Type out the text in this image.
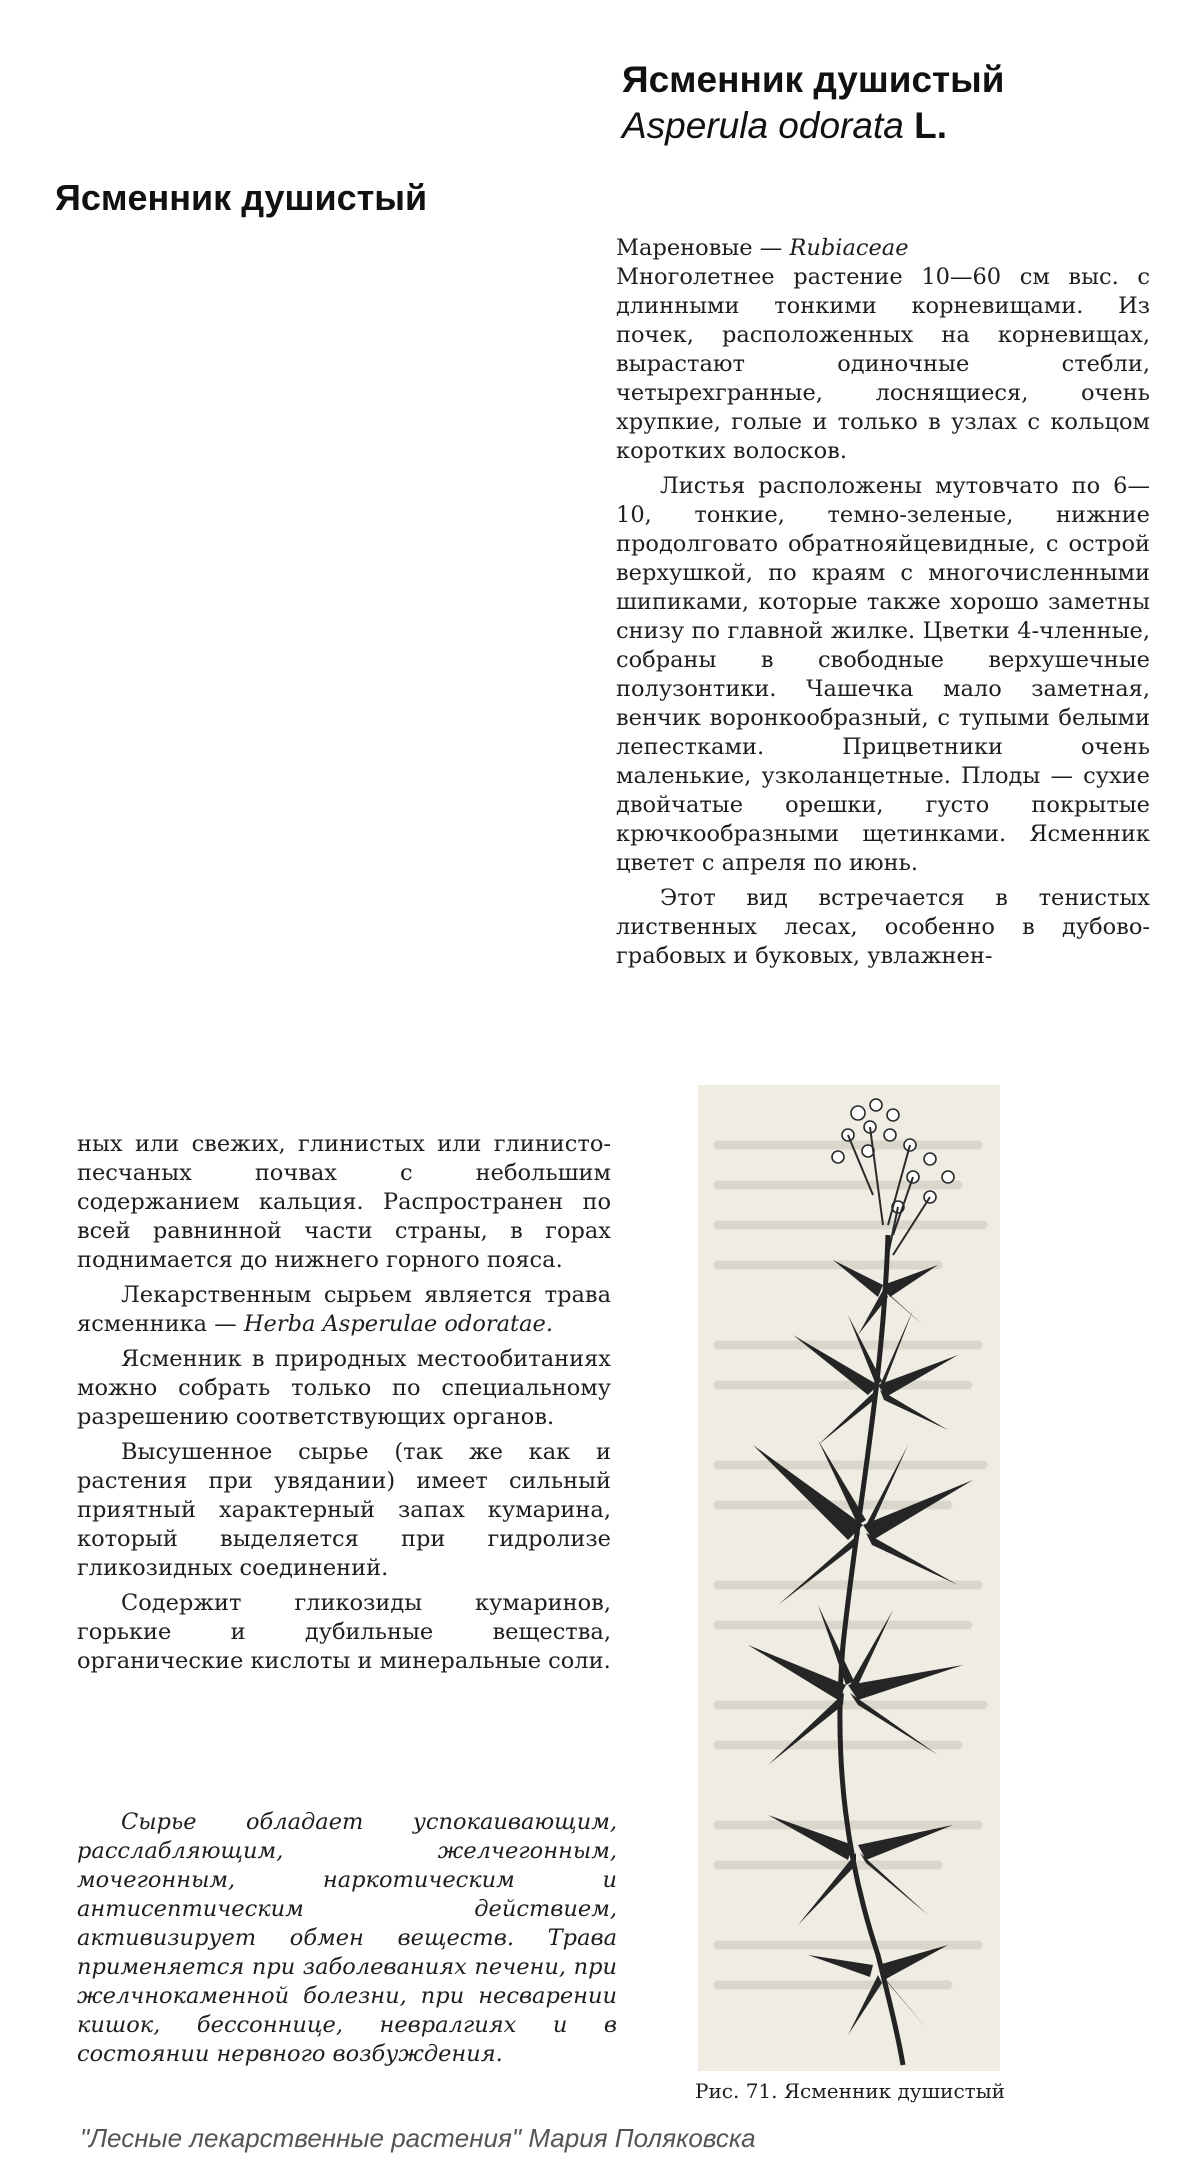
Ясменник душистый
Asperula odorata L.
Ясменник душистый

Мареновые — Rubiaceae

Многолетнее растение 10—60 см выс. с длинными тонкими корневищами. Из почек, расположенных на корневищах, вырастают одиночные стебли, четырехгранные, лоснящиеся, очень хрупкие, голые и только в узлах с кольцом коротких волосков.

Листья расположены мутовчато по 6—10, тонкие, темно-зеленые, нижние продолговато обратнояйцевидные, с острой верхушкой, по краям с многочисленными шипиками, которые также хорошо заметны снизу по главной жилке. Цветки 4-членные, собраны в свободные верхушечные полузонтики. Чашечка мало заметная, венчик воронкообразный, с тупыми белыми лепестками. Прицветники очень маленькие, узколанцетные. Плоды — сухие двойчатые орешки, густо покрытые крючкообразными щетинками. Ясменник цветет с апреля по июнь.

Этот вид встречается в тенистых лиственных лесах, особенно в дубово-грабовых и буковых, увлажнен-

ных или свежих, глинистых или глинисто-песчаных почвах с небольшим содержанием кальция. Распространен по всей равнинной части страны, в горах поднимается до нижнего горного пояса.

Лекарственным сырьем является трава ясменника — Herba Asperulae odoratae.

Ясменник в природных местообитаниях можно собрать только по специальному разрешению соответствующих органов.

Высушенное сырье (так же как и растения при увядании) имеет сильный приятный характерный запах кумарина, который выделяется при гидролизе гликозидных соединений.

Содержит гликозиды кумаринов, горькие и дубильные вещества, органические кислоты и минеральные соли.

Сырье обладает успокаивающим, расслабляющим, желчегонным, мочегонным, наркотическим и антисептическим действием, активизирует обмен веществ. Трава применяется при заболеваниях печени, при желчнокаменной болезни, при несварении кишок, бессоннице, невралгиях и в состоянии нервного возбуждения.

Рис. 71. Ясменник душистый
"Лесные лекарственные растения" Мария Поляковска
